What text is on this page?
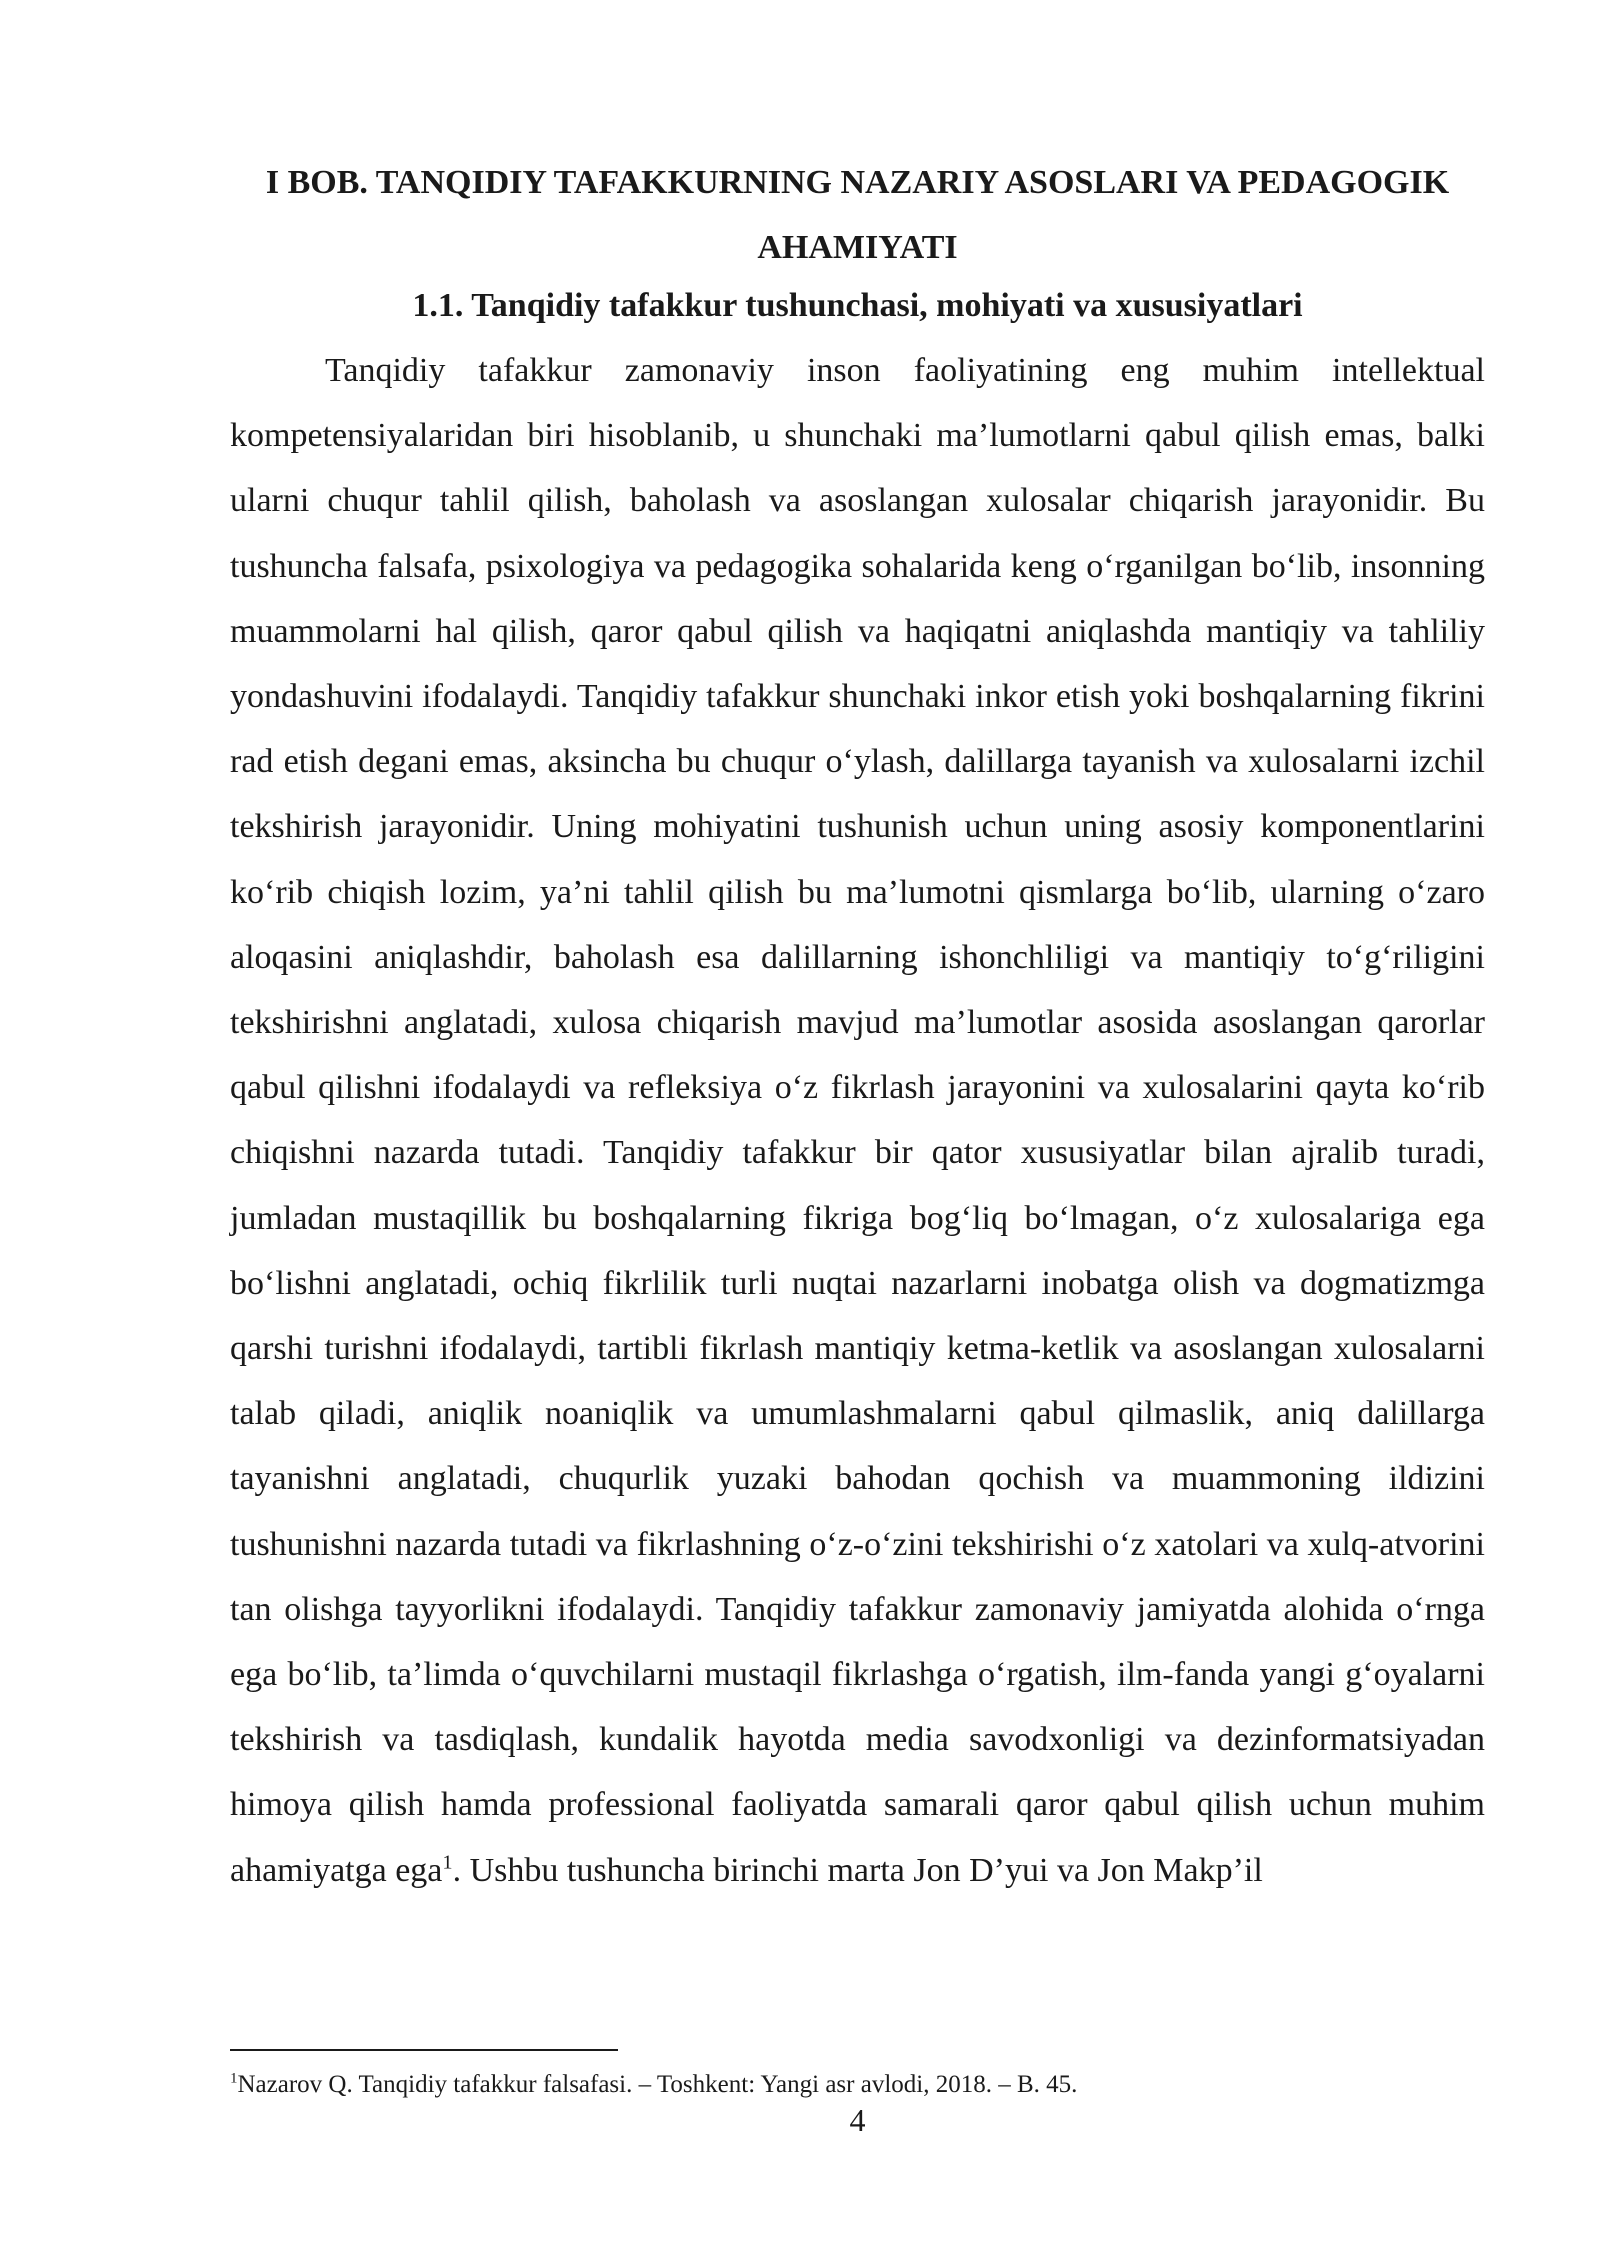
I BOB. TANQIDIY TAFAKKURNING NAZARIY ASOSLARI VA PEDAGOGIK AHAMIYATI
1.1. Tanqidiy tafakkur tushunchasi, mohiyati va xususiyatlari

Tanqidiy tafakkur zamonaviy inson faoliyatining eng muhim intellektual kompetensiyalaridan biri hisoblanib, u shunchaki ma’lumotlarni qabul qilish emas, balki ularni chuqur tahlil qilish, baholash va asoslangan xulosalar chiqarish jarayonidir. Bu tushuncha falsafa, psixologiya va pedagogika sohalarida keng o‘rganilgan bo‘lib, insonning muammolarni hal qilish, qaror qabul qilish va haqiqatni aniqlashda mantiqiy va tahliliy yondashuvini ifodalaydi. Tanqidiy tafakkur shunchaki inkor etish yoki boshqalarning fikrini rad etish degani emas, aksincha bu chuqur o‘ylash, dalillarga tayanish va xulosalarni izchil tekshirish jarayonidir. Uning mohiyatini tushunish uchun uning asosiy komponentlarini ko‘rib chiqish lozim, ya’ni tahlil qilish bu ma’lumotni qismlarga bo‘lib, ularning o‘zaro aloqasini aniqlashdir, baholash esa dalillarning ishonchliligi va mantiqiy to‘g‘riligini tekshirishni anglatadi, xulosa chiqarish mavjud ma’lumotlar asosida asoslangan qarorlar qabul qilishni ifodalaydi va refleksiya o‘z fikrlash jarayonini va xulosalarini qayta ko‘rib chiqishni nazarda tutadi. Tanqidiy tafakkur bir qator xususiyatlar bilan ajralib turadi, jumladan mustaqillik bu boshqalarning fikriga bog‘liq bo‘lmagan, o‘z xulosalariga ega bo‘lishni anglatadi, ochiq fikrlilik turli nuqtai nazarlarni inobatga olish va dogmatizmga qarshi turishni ifodalaydi, tartibli fikrlash mantiqiy ketma-ketlik va asoslangan xulosalarni talab qiladi, aniqlik noaniqlik va umumlashmalarni qabul qilmaslik, aniq dalillarga tayanishni anglatadi, chuqurlik yuzaki bahodan qochish va muammoning ildizini tushunishni nazarda tutadi va fikrlashning o‘z-o‘zini tekshirishi o‘z xatolari va xulq-atvorini tan olishga tayyorlikni ifodalaydi. Tanqidiy tafakkur zamonaviy jamiyatda alohida o‘rnga ega bo‘lib, ta’limda o‘quvchilarni mustaqil fikrlashga o‘rgatish, ilm-fanda yangi g‘oyalarni tekshirish va tasdiqlash, kundalik hayotda media savodxonligi va dezinformatsiyadan himoya qilish hamda professional faoliyatda samarali qaror qabul qilish uchun muhim ahamiyatga ega$^1$. Ushbu tushuncha birinchi marta Jon D’yui va Jon Makp’il

$^1$Nazarov Q. Tanqidiy tafakkur falsafasi. – Toshkent: Yangi asr avlodi, 2018. – B. 45.

4
